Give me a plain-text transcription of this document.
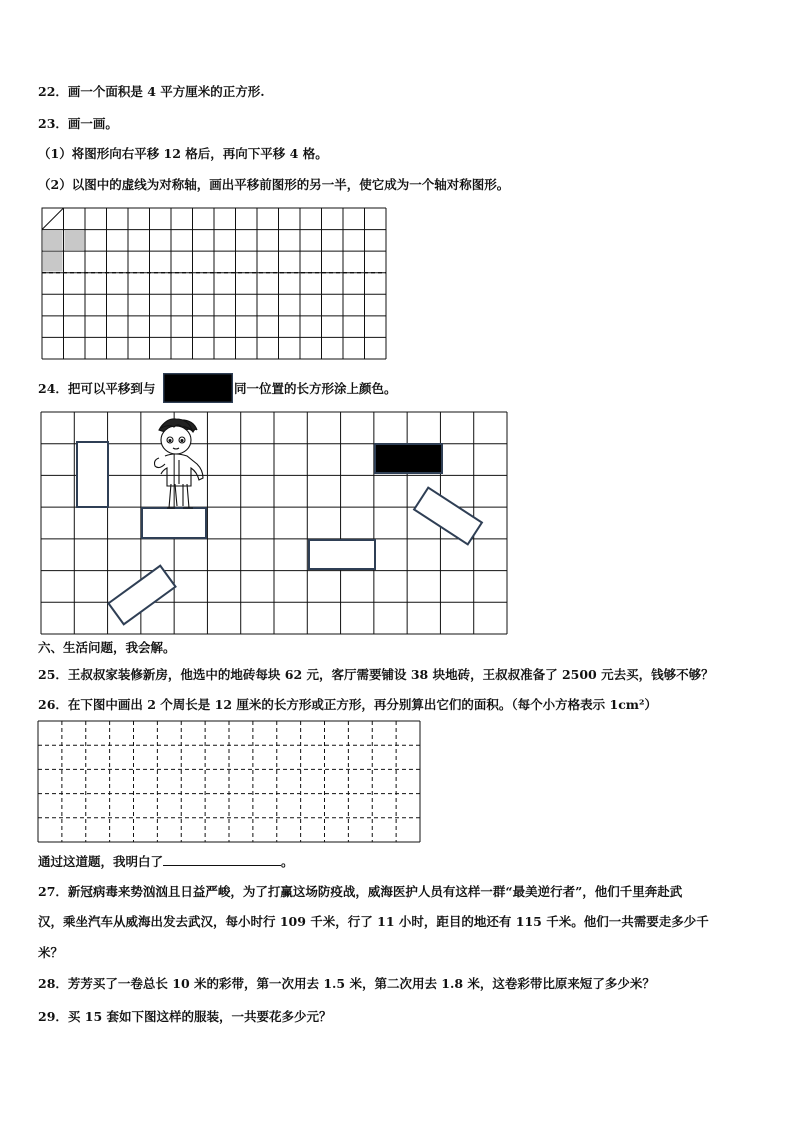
22．画一个面积是 4 平方厘米的正方形.
23．画一画。
（1）将图形向右平移 12 格后，再向下平移 4 格。
（2）以图中的虚线为对称轴，画出平移前图形的另一半，使它成为一个轴对称图形。
24．把可以平移到与	同一位置的长方形涂上颜色。
六、生活问题，我会解。
25．王叔叔家装修新房，他选中的地砖每块 62 元，客厅需要铺设 38 块地砖，王叔叔准备了 2500 元去买，钱够不够？
26．在下图中画出 2 个周长是 12 厘米的长方形或正方形，再分别算出它们的面积。（每个小方格表示 1cm²）
通过这道题，我明白了	。
27．新冠病毒来势汹汹且日益严峻，为了打赢这场防疫战，威海医护人员有这样一群“最美逆行者”，他们千里奔赴武
汉，乘坐汽车从威海出发去武汉，每小时行 109 千米，行了 11 小时，距目的地还有 115 千米。他们一共需要走多少千
米？
28．芳芳买了一卷总长 10 米的彩带，第一次用去 1.5 米，第二次用去 1.8 米，这卷彩带比原来短了多少米？
29．买 15 套如下图这样的服装，一共要花多少元？
